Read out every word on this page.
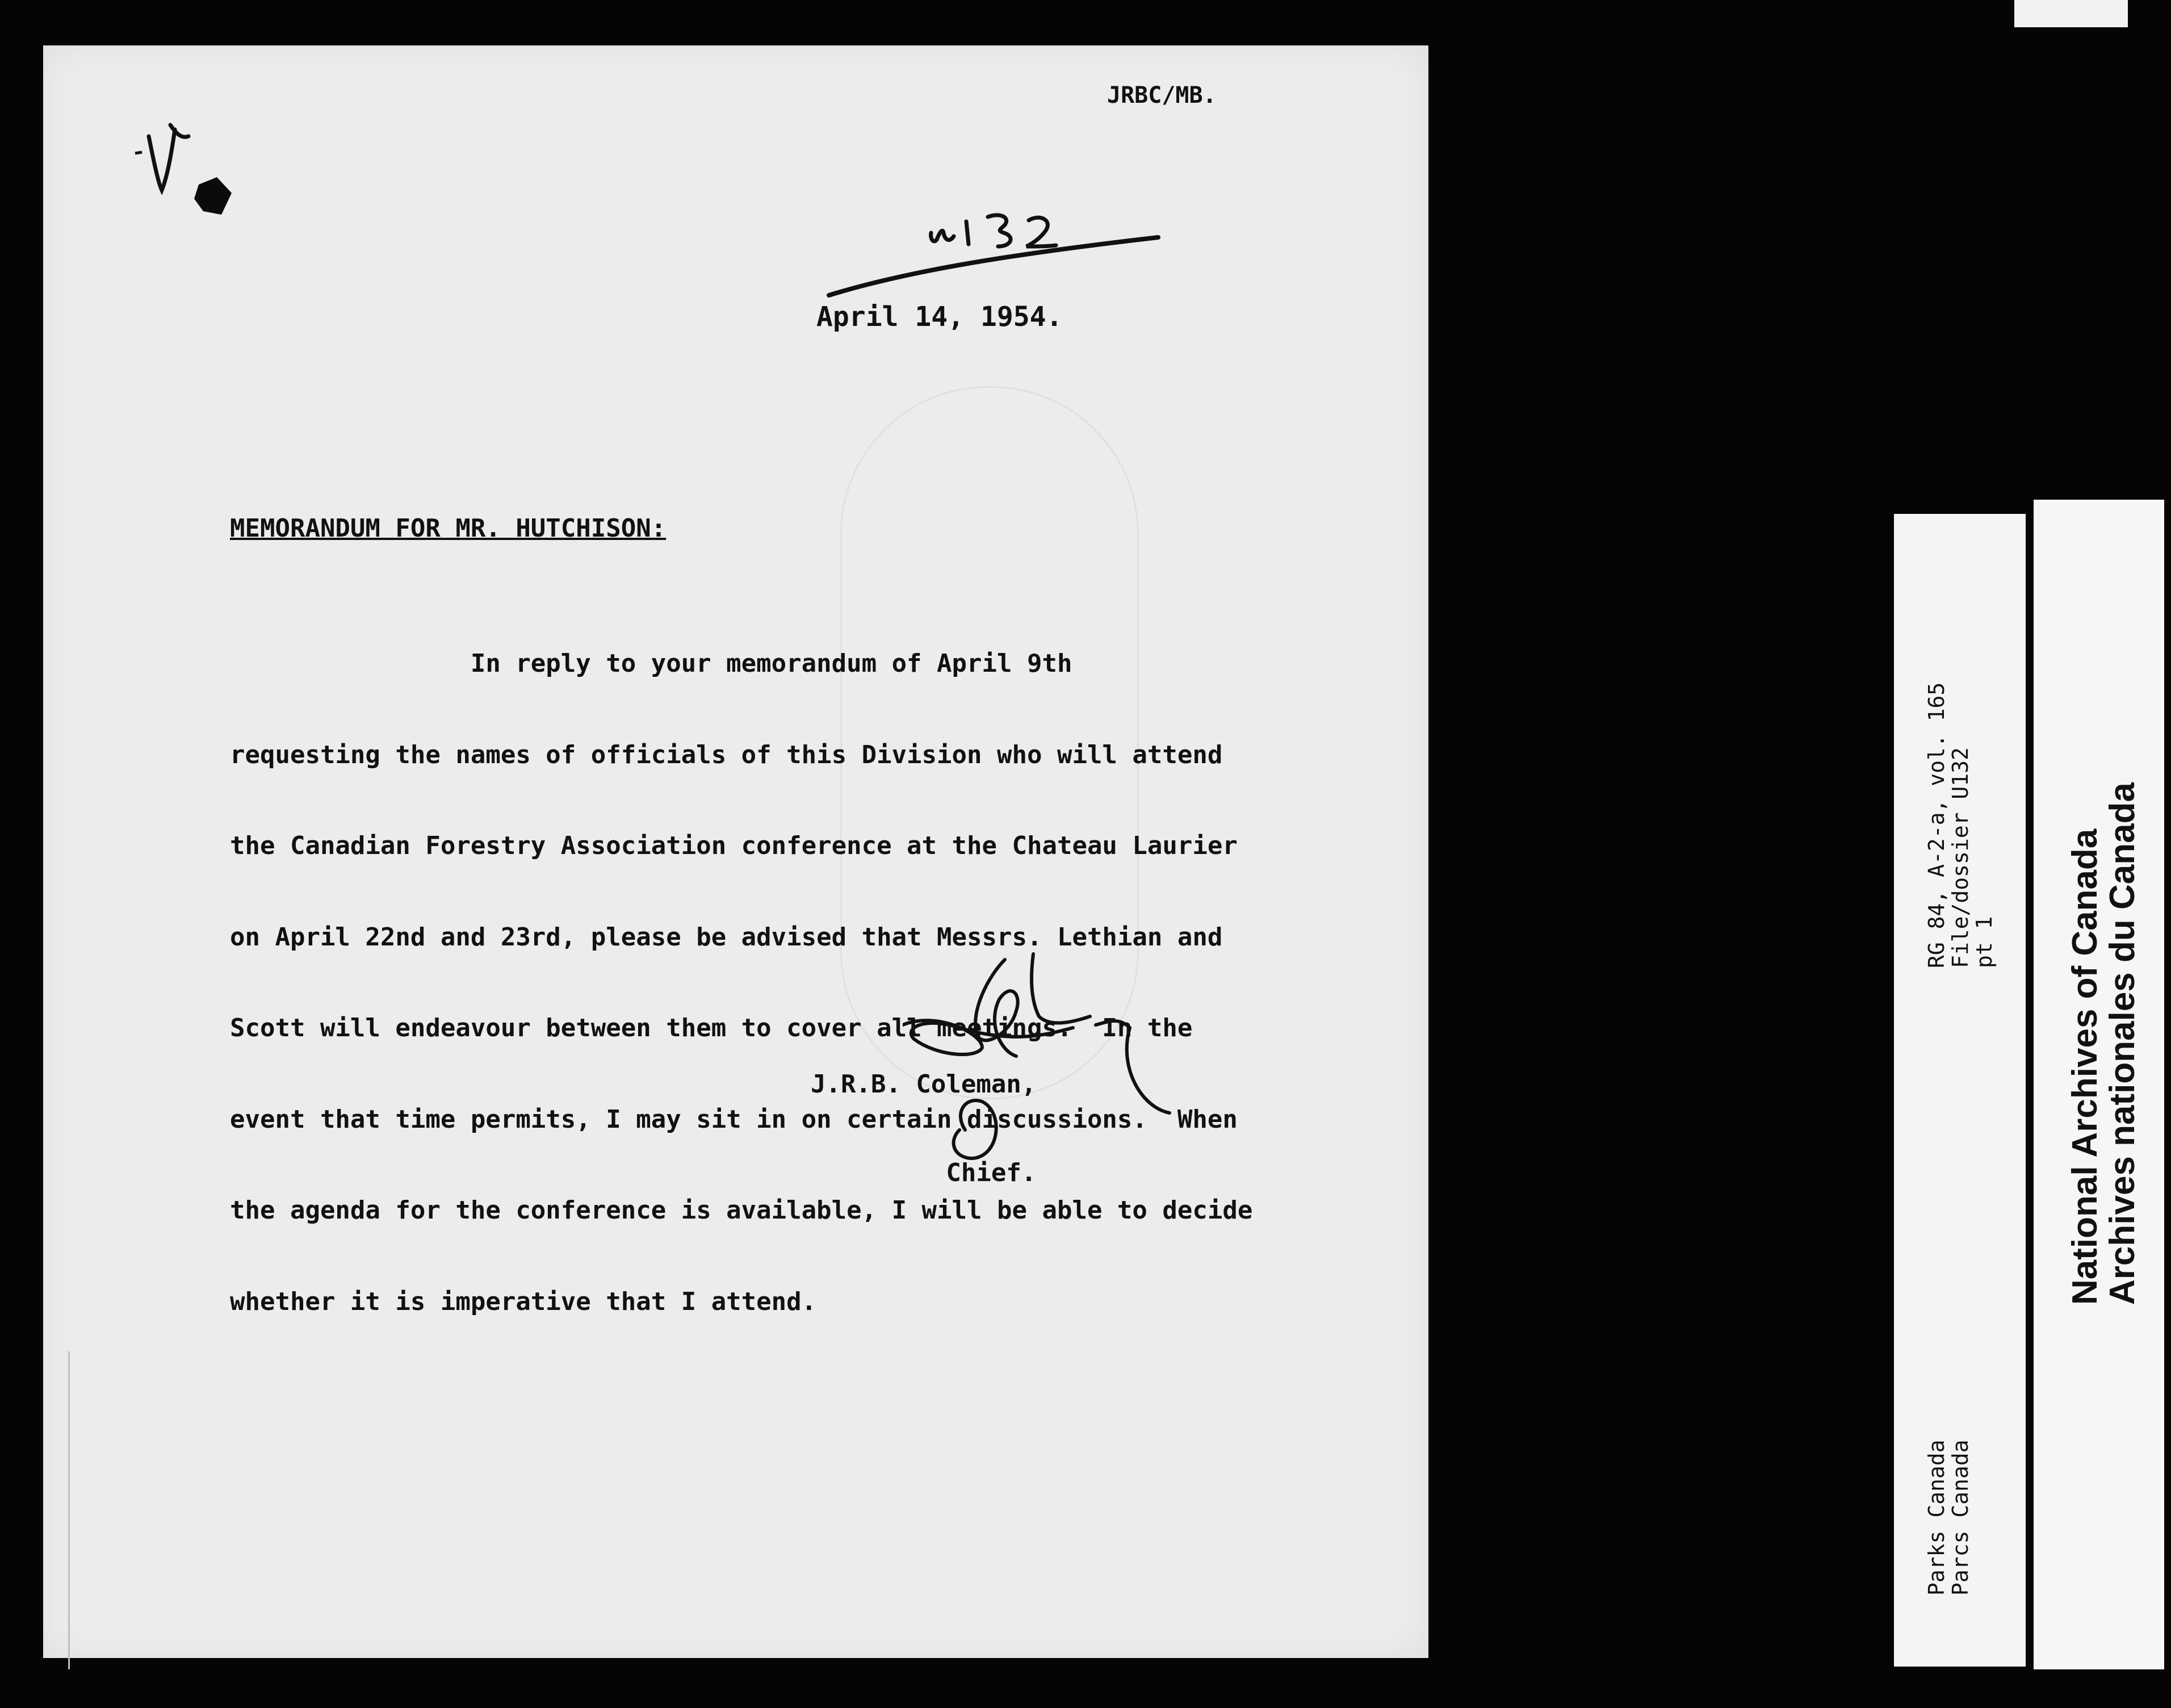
JRBC/MB.
April 14, 1954.
MEMORANDUM FOR MR. HUTCHISON:

In reply to your memorandum of April 9th

requesting the names of officials of this Division who will attend

the Canadian Forestry Association conference at the Chateau Laurier

on April 22nd and 23rd, please be advised that Messrs. Lethian and

Scott will endeavour between them to cover all meetings.  In the

event that time permits, I may sit in on certain discussions.  When

the agenda for the conference is available, I will be able to decide

whether it is imperative that I attend.

J.R.B. Coleman,

Chief.

RG 84, A-2-a, vol. 165
File/dossier U132
pt 1
Parks Canada
Parcs Canada
National Archives of Canada
Archives nationales du Canada
